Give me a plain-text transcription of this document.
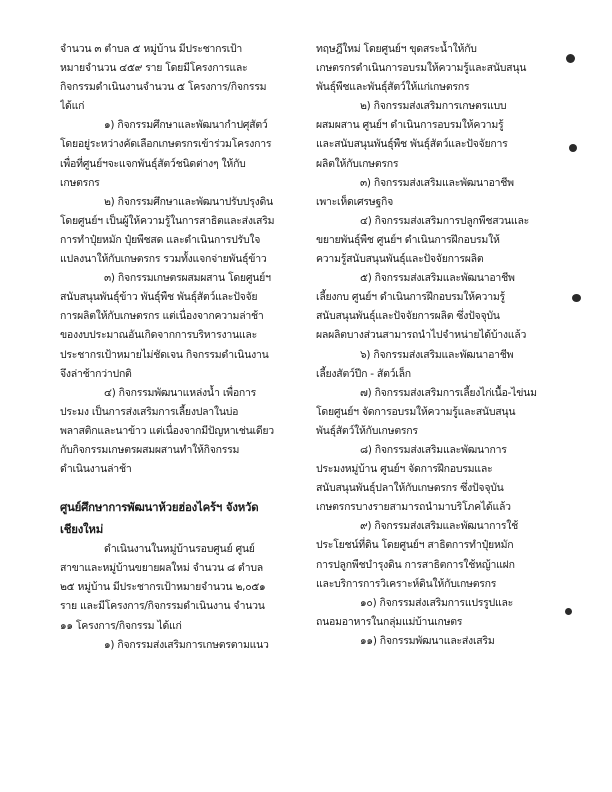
จำนวน ๓ ตำบล ๕ หมู่บ้าน มีประชากรเป้า
หมายจำนวน ๔๕๙ ราย โดยมีโครงการและ
กิจกรรมดำเนินงานจำนวน ๕ โครงการ/กิจกรรม
ได้แก่
๑) กิจกรรมศึกษาและพัฒนากำปศุสัตว์
โดยอยู่ระหว่างคัดเลือกเกษตรกรเข้าร่วมโครงการ
เพื่อที่ศูนย์ฯจะแจกพันธุ์สัตว์ชนิดต่างๆ ให้กับ
เกษตรกร
๒) กิจกรรมศึกษาและพัฒนาปรับปรุงดิน
โดยศูนย์ฯ เป็นผู้ให้ความรู้ในการสาธิตและส่งเสริม
การทำปุ๋ยหมัก ปุ๋ยพืชสด และดำเนินการปรับใจ
แปลงนาให้กับเกษตรกร รวมทั้งแจกจ่ายพันธุ์ข้าว
๓) กิจกรรมเกษตรผสมผสาน โดยศูนย์ฯ
สนับสนุนพันธุ์ข้าว พันธุ์พืช พันธุ์สัตว์และปัจจัย
การผลิตให้กับเกษตรกร แต่เนื่องจากความล่าช้า
ของงบประมาณอันเกิดจากการบริหารงานและ
ประชากรเป้าหมายไม่ชัดเจน กิจกรรมดำเนินงาน
จึงล่าช้ากว่าปกติ
๔) กิจกรรมพัฒนาแหล่งน้ำ เพื่อการ
ประมง เป็นการส่งเสริมการเลี้ยงปลาในบ่อ
พลาสติกและนาข้าว แต่เนื่องจากมีปัญหาเช่นเดียว
กับกิจกรรมเกษตรผสมผสานทำให้กิจกรรม
ดำเนินงานล่าช้า
ศูนย์ศึกษาการพัฒนาห้วยฮ่องไคร้ฯ จังหวัด
เชียงใหม่
ดำเนินงานในหมู่บ้านรอบศูนย์ ศูนย์
สาขาและหมู่บ้านขยายผลใหม่ จำนวน ๘ ตำบล
๒๕ หมู่บ้าน มีประชากรเป้าหมายจำนวน ๒,๐๕๑
ราย และมีโครงการ/กิจกรรมดำเนินงาน จำนวน
๑๑ โครงการ/กิจกรรม ได้แก่
๑) กิจกรรมส่งเสริมการเกษตรตามแนว
ทฤษฎีใหม่ โดยศูนย์ฯ ขุดสระน้ำให้กับ
เกษตรกรดำเนินการอบรมให้ความรู้และสนับสนุน
พันธุ์พืชและพันธุ์สัตว์ให้แก่เกษตรกร
๒) กิจกรรมส่งเสริมการเกษตรแบบ
ผสมผสาน ศูนย์ฯ ดำเนินการอบรมให้ความรู้
และสนับสนุนพันธุ์พืช พันธุ์สัตว์และปัจจัยการ
ผลิตให้กับเกษตรกร
๓) กิจกรรมส่งเสริมและพัฒนาอาชีพ
เพาะเห็ดเศรษฐกิจ
๔) กิจกรรมส่งเสริมการปลูกพืชสวนและ
ขยายพันธุ์พืช ศูนย์ฯ ดำเนินการฝึกอบรมให้
ความรู้สนับสนุนพันธุ์และปัจจัยการผลิต
๕) กิจกรรมส่งเสริมและพัฒนาอาชีพ
เลี้ยงกบ ศูนย์ฯ ดำเนินการฝึกอบรมให้ความรู้
สนับสนุนพันธุ์และปัจจัยการผลิต ซึ่งปัจจุบัน
ผลผลิตบางส่วนสามารถนำไปจำหน่ายได้บ้างแล้ว
๖) กิจกรรมส่งเสริมและพัฒนาอาชีพ
เลี้ยงสัตว์ปีก - สัตว์เล็ก
๗) กิจกรรมส่งเสริมการเลี้ยงไก่เนื้อ-ไข่นม
โดยศูนย์ฯ จัดการอบรมให้ความรู้และสนับสนุน
พันธุ์สัตว์ให้กับเกษตรกร
๘) กิจกรรมส่งเสริมและพัฒนาการ
ประมงหมู่บ้าน ศูนย์ฯ จัดการฝึกอบรมและ
สนับสนุนพันธุ์ปลาให้กับเกษตรกร ซึ่งปัจจุบัน
เกษตรกรบางรายสามารถนำมาบริโภคได้แล้ว
๙) กิจกรรมส่งเสริมและพัฒนาการใช้
ประโยชน์ที่ดิน โดยศูนย์ฯ สาธิตการทำปุ๋ยหมัก
การปลูกพืชบำรุงดิน การสาธิตการใช้หญ้าแฝก
และบริการการวิเคราะห์ดินให้กับเกษตรกร
๑๐) กิจกรรมส่งเสริมการแปรรูปและ
ถนอมอาหารในกลุ่มแม่บ้านเกษตร
๑๑) กิจกรรมพัฒนาและส่งเสริม
